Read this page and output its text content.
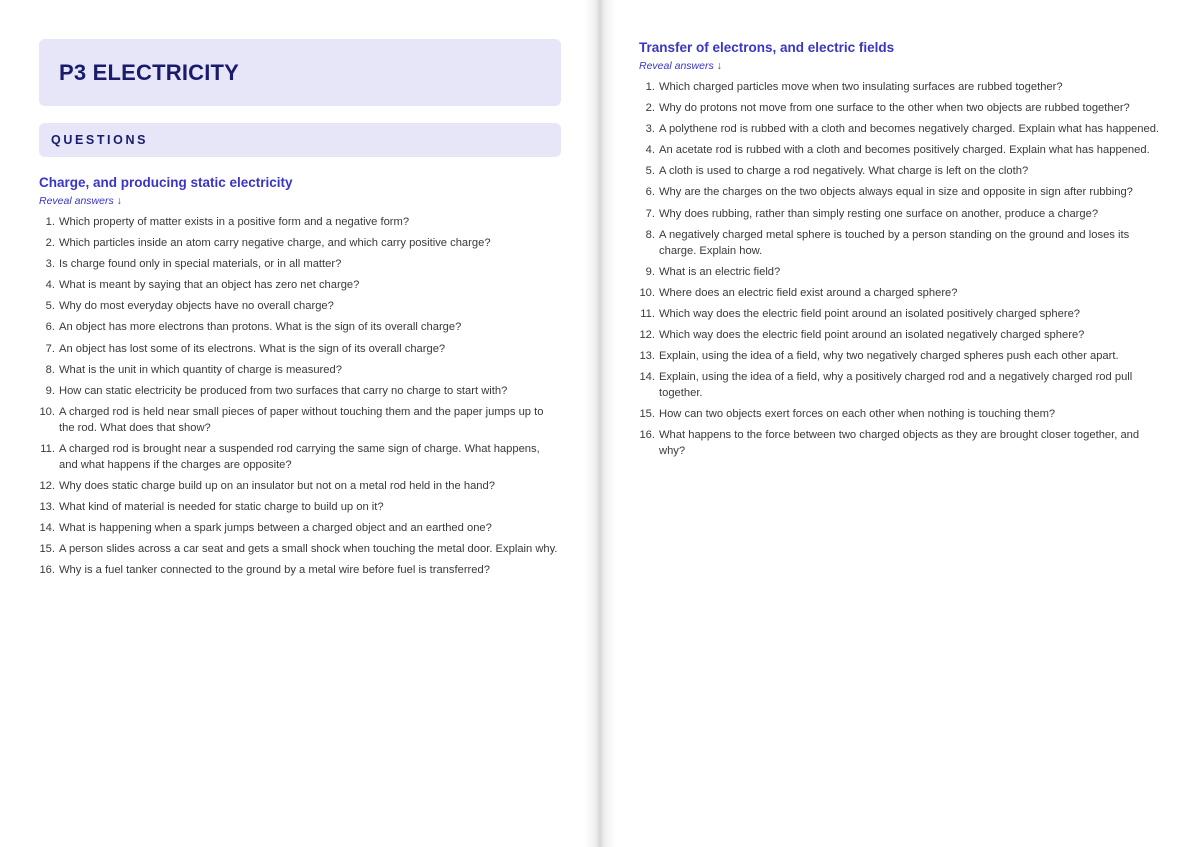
P3 ELECTRICITY
QUESTIONS
Charge, and producing static electricity
Reveal answers ↓
1. Which property of matter exists in a positive form and a negative form?
2. Which particles inside an atom carry negative charge, and which carry positive charge?
3. Is charge found only in special materials, or in all matter?
4. What is meant by saying that an object has zero net charge?
5. Why do most everyday objects have no overall charge?
6. An object has more electrons than protons. What is the sign of its overall charge?
7. An object has lost some of its electrons. What is the sign of its overall charge?
8. What is the unit in which quantity of charge is measured?
9. How can static electricity be produced from two surfaces that carry no charge to start with?
10. A charged rod is held near small pieces of paper without touching them and the paper jumps up to the rod. What does that show?
11. A charged rod is brought near a suspended rod carrying the same sign of charge. What happens, and what happens if the charges are opposite?
12. Why does static charge build up on an insulator but not on a metal rod held in the hand?
13. What kind of material is needed for static charge to build up on it?
14. What is happening when a spark jumps between a charged object and an earthed one?
15. A person slides across a car seat and gets a small shock when touching the metal door. Explain why.
16. Why is a fuel tanker connected to the ground by a metal wire before fuel is transferred?
Transfer of electrons, and electric fields
Reveal answers ↓
1. Which charged particles move when two insulating surfaces are rubbed together?
2. Why do protons not move from one surface to the other when two objects are rubbed together?
3. A polythene rod is rubbed with a cloth and becomes negatively charged. Explain what has happened.
4. An acetate rod is rubbed with a cloth and becomes positively charged. Explain what has happened.
5. A cloth is used to charge a rod negatively. What charge is left on the cloth?
6. Why are the charges on the two objects always equal in size and opposite in sign after rubbing?
7. Why does rubbing, rather than simply resting one surface on another, produce a charge?
8. A negatively charged metal sphere is touched by a person standing on the ground and loses its charge. Explain how.
9. What is an electric field?
10. Where does an electric field exist around a charged sphere?
11. Which way does the electric field point around an isolated positively charged sphere?
12. Which way does the electric field point around an isolated negatively charged sphere?
13. Explain, using the idea of a field, why two negatively charged spheres push each other apart.
14. Explain, using the idea of a field, why a positively charged rod and a negatively charged rod pull together.
15. How can two objects exert forces on each other when nothing is touching them?
16. What happens to the force between two charged objects as they are brought closer together, and why?
